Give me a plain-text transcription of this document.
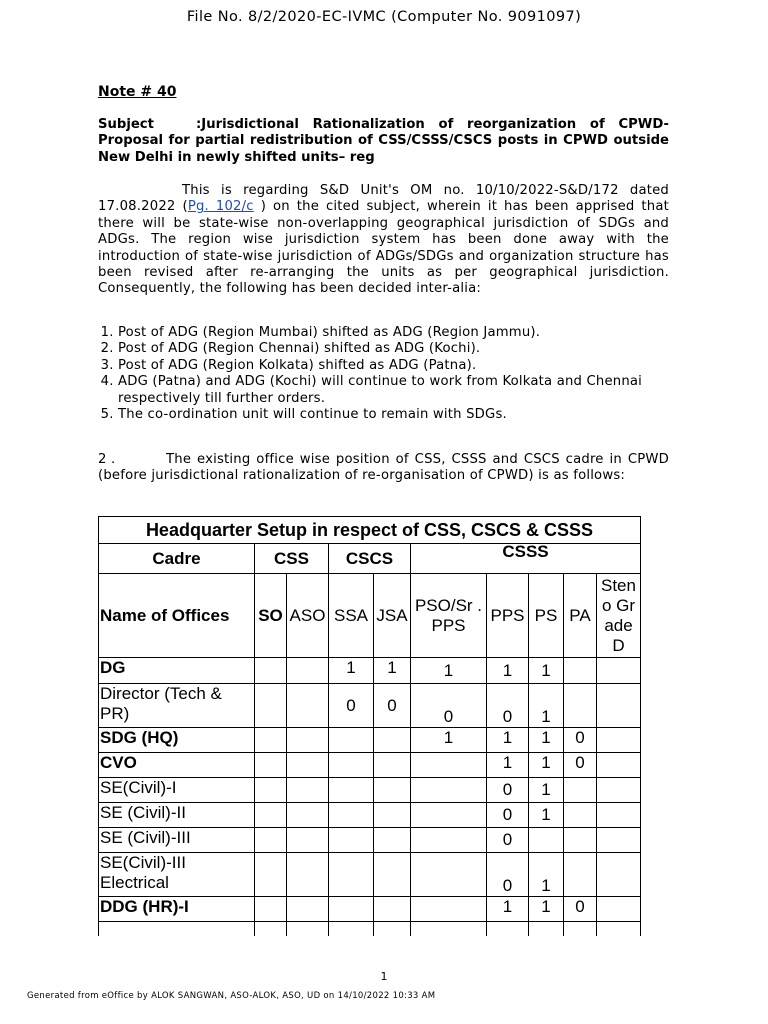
File No. 8/2/2020-EC-IVMC (Computer No. 9091097)
Note # 40
Subject	:Jurisdictional Rationalization of reorganization of CPWD-Proposal for partial redistribution of CSS/CSSS/CSCS posts in CPWD outside New Delhi in newly shifted units– reg
This is regarding S&D Unit's OM no. 10/10/2022-S&D/172 dated 17.08.2022 (Pg. 102/c ) on the cited subject, wherein it has been apprised that there will be state-wise non-overlapping geographical jurisdiction of SDGs and ADGs. The region wise jurisdiction system has been done away with the introduction of state-wise jurisdiction of ADGs/SDGs and organization structure has been revised after re-arranging the units as per geographical jurisdiction. Consequently, the following has been decided inter-alia:
1. Post of ADG (Region Mumbai) shifted as ADG (Region Jammu).
2. Post of ADG (Region Chennai) shifted as ADG (Kochi).
3. Post of ADG (Region Kolkata) shifted as ADG (Patna).
4. ADG (Patna) and ADG (Kochi) will continue to work from Kolkata and Chennai respectively till further orders.
5. The co-ordination unit will continue to remain with SDGs.
2 .	The existing office wise position of CSS, CSSS and CSCS cadre in CPWD (before jurisdictional rationalization of re-organisation of CPWD) is as follows:
Headquarter Setup in respect of CSS, CSCS & CSSS									
Cadre	CSS		CSCS		CSSS				
Name of Offices	SO	ASO	SSA	JSA	PSO/Sr . PPS	PPS	PS	PA	Steno Grade D
DG			1	1	1	1	1		
Director (Tech & PR)			0	0	0	0	1		
SDG (HQ)					1	1	1	0	
CVO						1	1	0	
SE(Civil)-I						0	1		
SE (Civil)-II						0	1		
SE (Civil)-III						0			
SE(Civil)-III Electrical						0	1		
DDG (HR)-I						1	1	0	

1
Generated from eOffice by ALOK SANGWAN, ASO-ALOK, ASO, UD on 14/10/2022 10:33 AM
